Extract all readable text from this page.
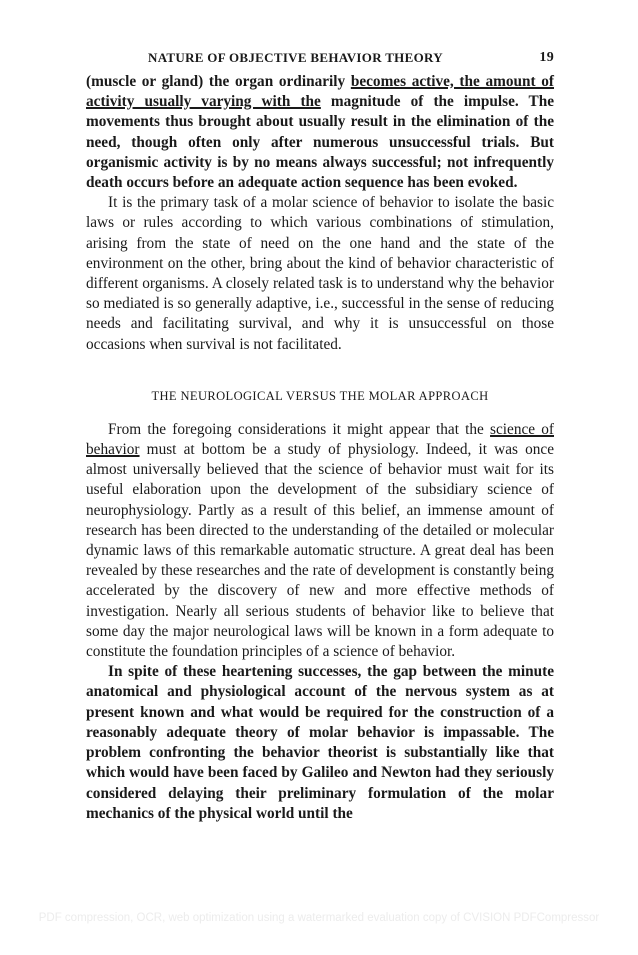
NATURE OF OBJECTIVE BEHAVIOR THEORY	19

(muscle or gland) the organ ordinarily becomes active, the amount of activity usually varying with the magnitude of the impulse. The movements thus brought about usually result in the elimination of the need, though often only after numerous unsuccessful trials. But organismic activity is by no means always successful; not infrequently death occurs before an adequate action sequence has been evoked.

It is the primary task of a molar science of behavior to isolate the basic laws or rules according to which various combinations of stimulation, arising from the state of need on the one hand and the state of the environment on the other, bring about the kind of behavior characteristic of different organisms. A closely related task is to understand why the behavior so mediated is so generally adaptive, i.e., successful in the sense of reducing needs and facilitating survival, and why it is unsuccessful on those occasions when survival is not facilitated.

THE NEUROLOGICAL VERSUS THE MOLAR APPROACH

From the foregoing considerations it might appear that the science of behavior must at bottom be a study of physiology. Indeed, it was once almost universally believed that the science of behavior must wait for its useful elaboration upon the development of the subsidiary science of neurophysiology. Partly as a result of this belief, an immense amount of research has been directed to the understanding of the detailed or molecular dynamic laws of this remarkable automatic structure. A great deal has been revealed by these researches and the rate of development is constantly being accelerated by the discovery of new and more effective methods of investigation. Nearly all serious students of behavior like to believe that some day the major neurological laws will be known in a form adequate to constitute the foundation principles of a science of behavior.

In spite of these heartening successes, the gap between the minute anatomical and physiological account of the nervous system as at present known and what would be required for the construction of a reasonably adequate theory of molar behavior is impassable. The problem confronting the behavior theorist is substantially like that which would have been faced by Galileo and Newton had they seriously considered delaying their preliminary formulation of the molar mechanics of the physical world until the

PDF compression, OCR, web optimization using a watermarked evaluation copy of CVISION PDFCompressor
